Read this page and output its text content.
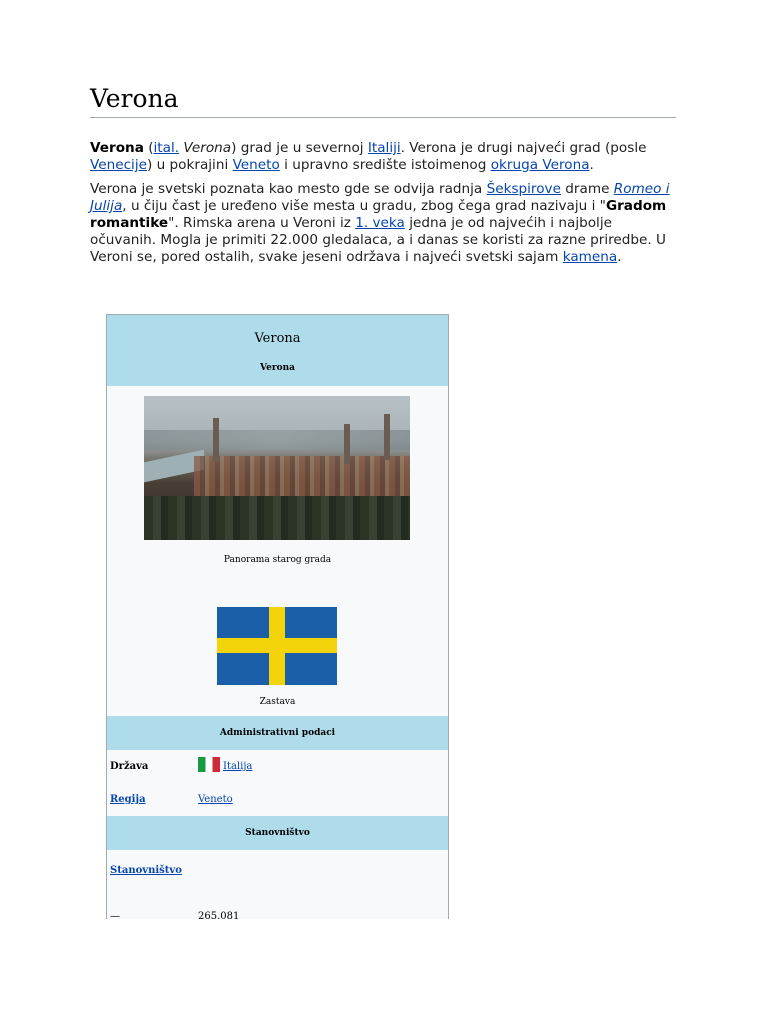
Verona

Verona (ital. Verona) grad je u severnoj Italiji. Verona je drugi najveći grad (posle Venecije) u pokrajini Veneto i upravno središte istoimenog okruga Verona.

Verona je svetski poznata kao mesto gde se odvija radnja Šekspirove drame Romeo i Julija, u čiju čast je uređeno više mesta u gradu, zbog čega grad nazivaju i "Gradom romantike". Rimska arena u Veroni iz 1. veka jedna je od najvećih i najbolje očuvanih. Mogla je primiti 22.000 gledalaca, a i danas se koristi za razne priredbe. U Veroni se, pored ostalih, svake jeseni održava i najveći svetski sajam kamena.

Verona
Verona
Panorama starog grada
Zastava
Administrativni podaci
Država	Italija
Regija	Veneto
Stanovništvo
Stanovništvo
—	265.081
